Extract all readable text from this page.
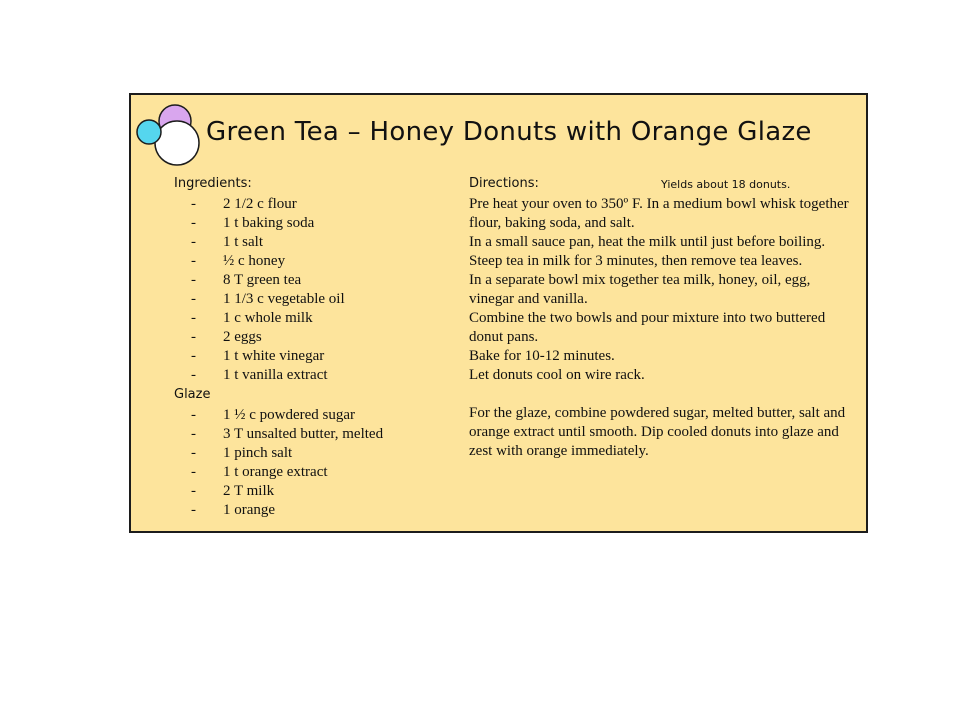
Green Tea – Honey Donuts with Orange Glaze
Ingredients:
- 2 1/2 c flour
- 1 t baking soda
- 1 t salt
- ½ c honey
- 8 T green tea
- 1 1/3 c vegetable oil
- 1 c whole milk
- 2 eggs
- 1 t white vinegar
- 1 t vanilla extract
Glaze
- 1 ½ c powdered sugar
- 3 T unsalted butter, melted
- 1 pinch salt
- 1 t orange extract
- 2 T milk
- 1 orange
Directions:	Yields about 18 donuts.

Pre heat your oven to 350º F. In a medium bowl whisk together flour, baking soda, and salt.

In a small sauce pan, heat the milk until just before boiling. Steep tea in milk for 3 minutes, then remove tea leaves.

In a separate bowl mix together tea milk, honey, oil, egg, vinegar and vanilla.

Combine the two bowls and pour mixture into two buttered donut pans.

Bake for 10-12 minutes.

Let donuts cool on wire rack.

For the glaze, combine powdered sugar, melted butter, salt and orange extract until smooth. Dip cooled donuts into glaze and zest with orange immediately.
